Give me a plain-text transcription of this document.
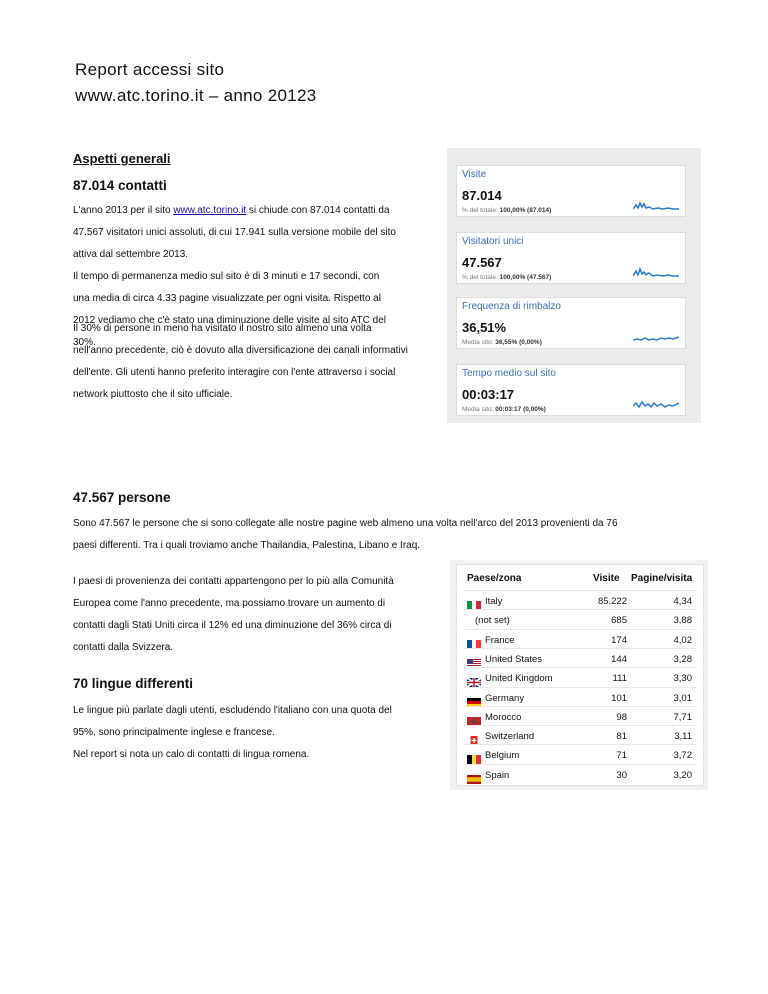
Report accessi sito
www.atc.torino.it – anno 20123
Aspetti generali
87.014 contatti
L'anno 2013 per il sito www.atc.torino.it si chiude con 87.014 contatti da
47.567 visitatori unici assoluti, di cui 17.941 sulla versione mobile del sito
attiva dal settembre 2013.
Il tempo di permanenza medio sul sito è di 3 minuti e 17 secondi, con
una media di circa 4.33 pagine visualizzate per ogni visita. Rispetto al
2012 vediamo che c'è stato una diminuzione delle visite al sito ATC del
30%.
Il 30% di persone in meno ha visitato il nostro sito almeno una volta
nell'anno precedente, ciò è dovuto alla diversificazione dei canali informativi
dell'ente. Gli utenti hanno preferito interagire con l'ente attraverso i social
network piuttosto che il sito ufficiale.
Visite
87.014
% del totale: 100,00% (87.014)
Visitatori unici
47.567
% del totale: 100,00% (47.567)
Frequenza di rimbalzo
36,51%
Media sito: 36,55% (0,00%)
Tempo medio sul sito
00:03:17
Media sito: 00:03:17 (0,00%)
47.567 persone
Sono 47.567 le persone che si sono collegate alle nostre pagine web almeno una volta nell'arco del 2013 provenienti da 76
paesi differenti. Tra i quali troviamo anche Thailandia, Palestina, Libano e Iraq.
I paesi di provenienza dei contatti appartengono per lo più alla Comunità
Europea come l'anno precedente, ma possiamo trovare un aumento di
contatti dagli Stati Uniti circa il 12% ed una diminuzione del 36% circa di
contatti dalla Svizzera.
70 lingue differenti
Le lingue più parlate dagli utenti, escludendo l'italiano con una quota del
95%, sono principalmente inglese e francese.
Nel report si nota un calo di contatti di lingua romena.
Paese/zona	Visite Pagine/visita
Italy	85.222	4,34
(not set)	685	3,88
France	174	4,02
United States	144	3,28
United Kingdom	111	3,30
Germany	101	3,01
Morocco	98	7,71
Switzerland	81	3,11
Belgium	71	3,72
Spain	30	3,20
